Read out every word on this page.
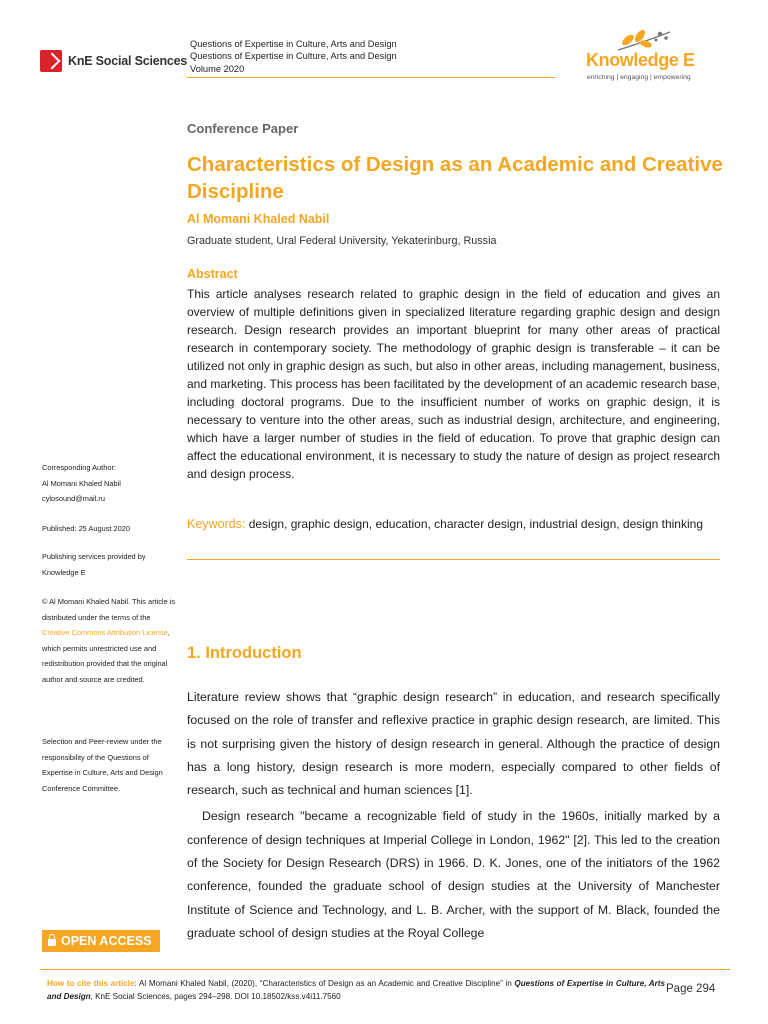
KnE Social Sciences
Questions of Expertise in Culture, Arts and Design
Questions of Expertise in Culture, Arts and Design
Volume 2020	Knowledge E
enriching | engaging | empowering
Conference Paper
Characteristics of Design as an Academic and Creative Discipline
Al Momani Khaled Nabil
Graduate student, Ural Federal University, Yekaterinburg, Russia
Abstract
This article analyses research related to graphic design in the field of education and gives an overview of multiple definitions given in specialized literature regarding graphic design and design research. Design research provides an important blueprint for many other areas of practical research in contemporary society. The methodology of graphic design is transferable – it can be utilized not only in graphic design as such, but also in other areas, including management, business, and marketing. This process has been facilitated by the development of an academic research base, including doctoral programs. Due to the insufficient number of works on graphic design, it is necessary to venture into the other areas, such as industrial design, architecture, and engineering, which have a larger number of studies in the field of education. To prove that graphic design can affect the educational environment, it is necessary to study the nature of design as project research and design process.
Keywords: design, graphic design, education, character design, industrial design, design thinking
1. Introduction

Literature review shows that “graphic design research” in education, and research specifically focused on the role of transfer and reflexive practice in graphic design research, are limited. This is not surprising given the history of design research in general. Although the practice of design has a long history, design research is more modern, especially compared to other fields of research, such as technical and human sciences [1].

Design research "became a recognizable field of study in the 1960s, initially marked by a conference of design techniques at Imperial College in London, 1962" [2]. This led to the creation of the Society for Design Research (DRS) in 1966. D. K. Jones, one of the initiators of the 1962 conference, founded the graduate school of design studies at the University of Manchester Institute of Science and Technology, and L. B. Archer, with the support of M. Black, founded the graduate school of design studies at the Royal College

Corresponding Author:
Al Momani Khaled Nabil
cylosound@mail.ru
Published: 25 August 2020
Publishing services provided by Knowledge E
© Al Momani Khaled Nabil. This article is distributed under the terms of the Creative Commons Attribution License, which permits unrestricted use and redistribution provided that the original author and source are credited.
Selection and Peer-review under the responsibility of the Questions of Expertise in Culture, Arts and Design Conference Committee.
OPEN ACCESS
How to cite this article: Al Momani Khaled Nabil, (2020), “Characteristics of Design as an Academic and Creative Discipline” in Questions of Expertise in Culture, Arts and Design, KnE Social Sciences, pages 294–298. DOI 10.18502/kss.v4i11.7560
Page 294
